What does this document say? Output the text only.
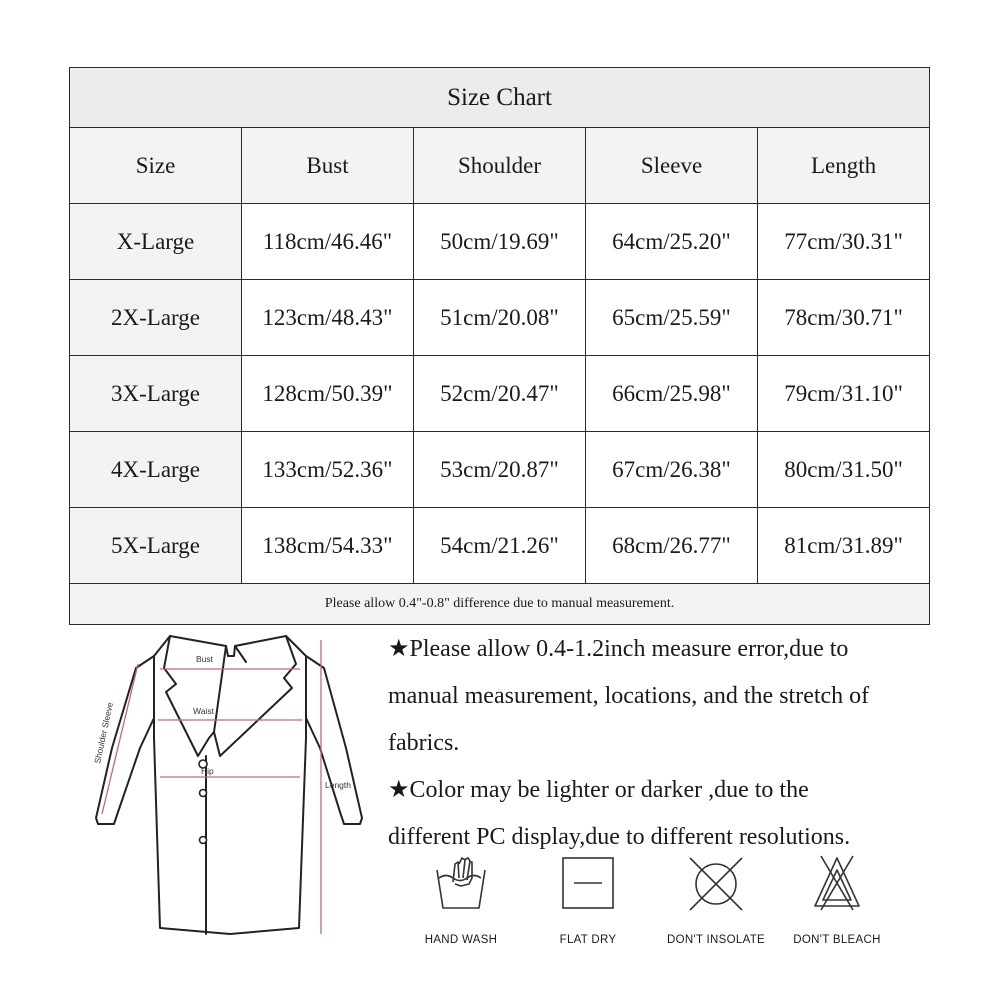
Size Chart				
Size	Bust	Shoulder	Sleeve	Length
X-Large	118cm/46.46"	50cm/19.69"	64cm/25.20"	77cm/30.31"
2X-Large	123cm/48.43"	51cm/20.08"	65cm/25.59"	78cm/30.71"
3X-Large	128cm/50.39"	52cm/20.47"	66cm/25.98"	79cm/31.10"
4X-Large	133cm/52.36"	53cm/20.87"	67cm/26.38"	80cm/31.50"
5X-Large	138cm/54.33"	54cm/21.26"	68cm/26.77"	81cm/31.89"
Please allow 0.4"-0.8" difference due to manual measurement.				
Bust
Waist
Hip
Shoulder Sleeve
Length

★Please allow 0.4-1.2inch measure error,due to

manual measurement, locations, and the stretch of

fabrics.

★Color may be lighter or darker ,due to the

different PC display,due to different resolutions.

HAND WASH	FLAT DRY	DON'T INSOLATE	DON'T BLEACH
